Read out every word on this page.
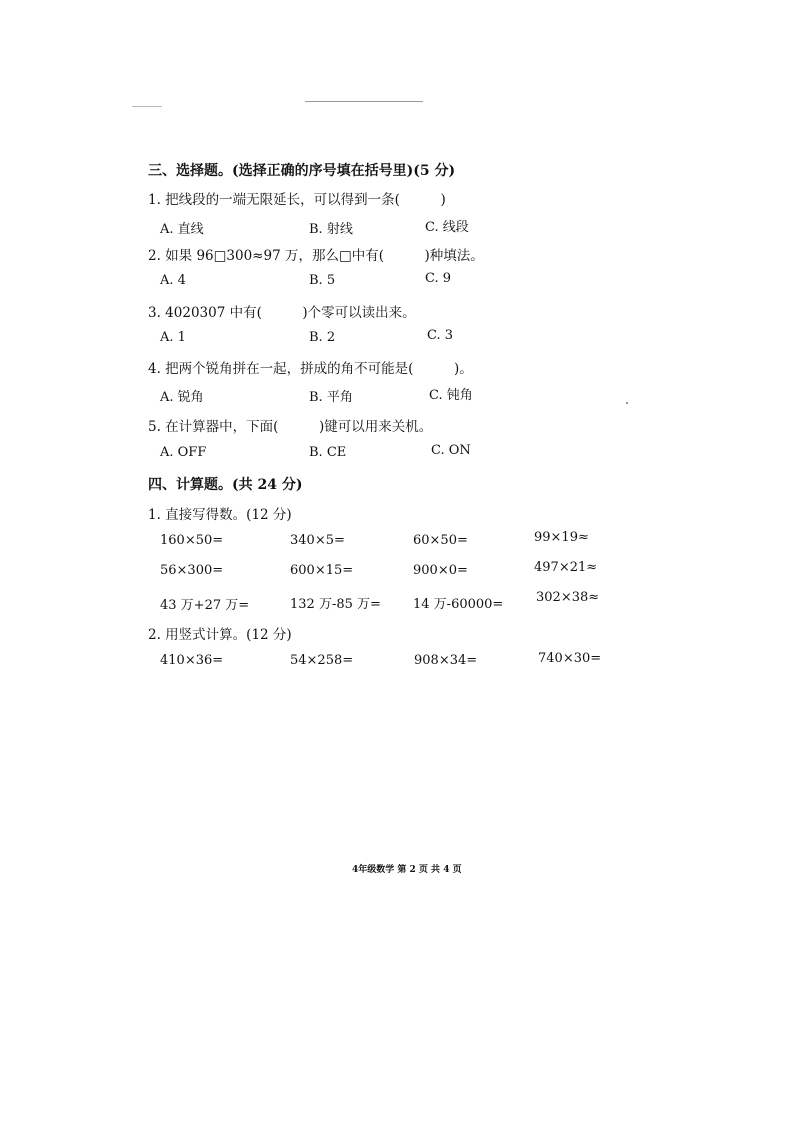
三、选择题。(选择正确的序号填在括号里)(5 分)
1. 把线段的一端无限延长，可以得到一条(　　　)
A. 直线	B. 射线	C. 线段
2. 如果 96□300≈97 万，那么□中有(　　　)种填法。
A. 4	B. 5	C. 9
3. 4020307 中有(　　　)个零可以读出来。
A. 1	B. 2	C. 3
4. 把两个锐角拼在一起，拼成的角不可能是(　　　)。
A. 锐角	B. 平角	C. 钝角
5. 在计算器中，下面(　　　)键可以用来关机。
A. OFF	B. CE	C. ON
四、计算题。(共 24 分)
1. 直接写得数。(12 分)
160×50=	340×5=	60×50=	99×19≈
56×300=	600×15=	900×0=	497×21≈
43 万+27 万=	132 万-85 万= 14 万-60000=	302×38≈
2. 用竖式计算。(12 分)
410×36=	54×258=	908×34=	740×30=
4年级数学 第 2 页 共 4 页
